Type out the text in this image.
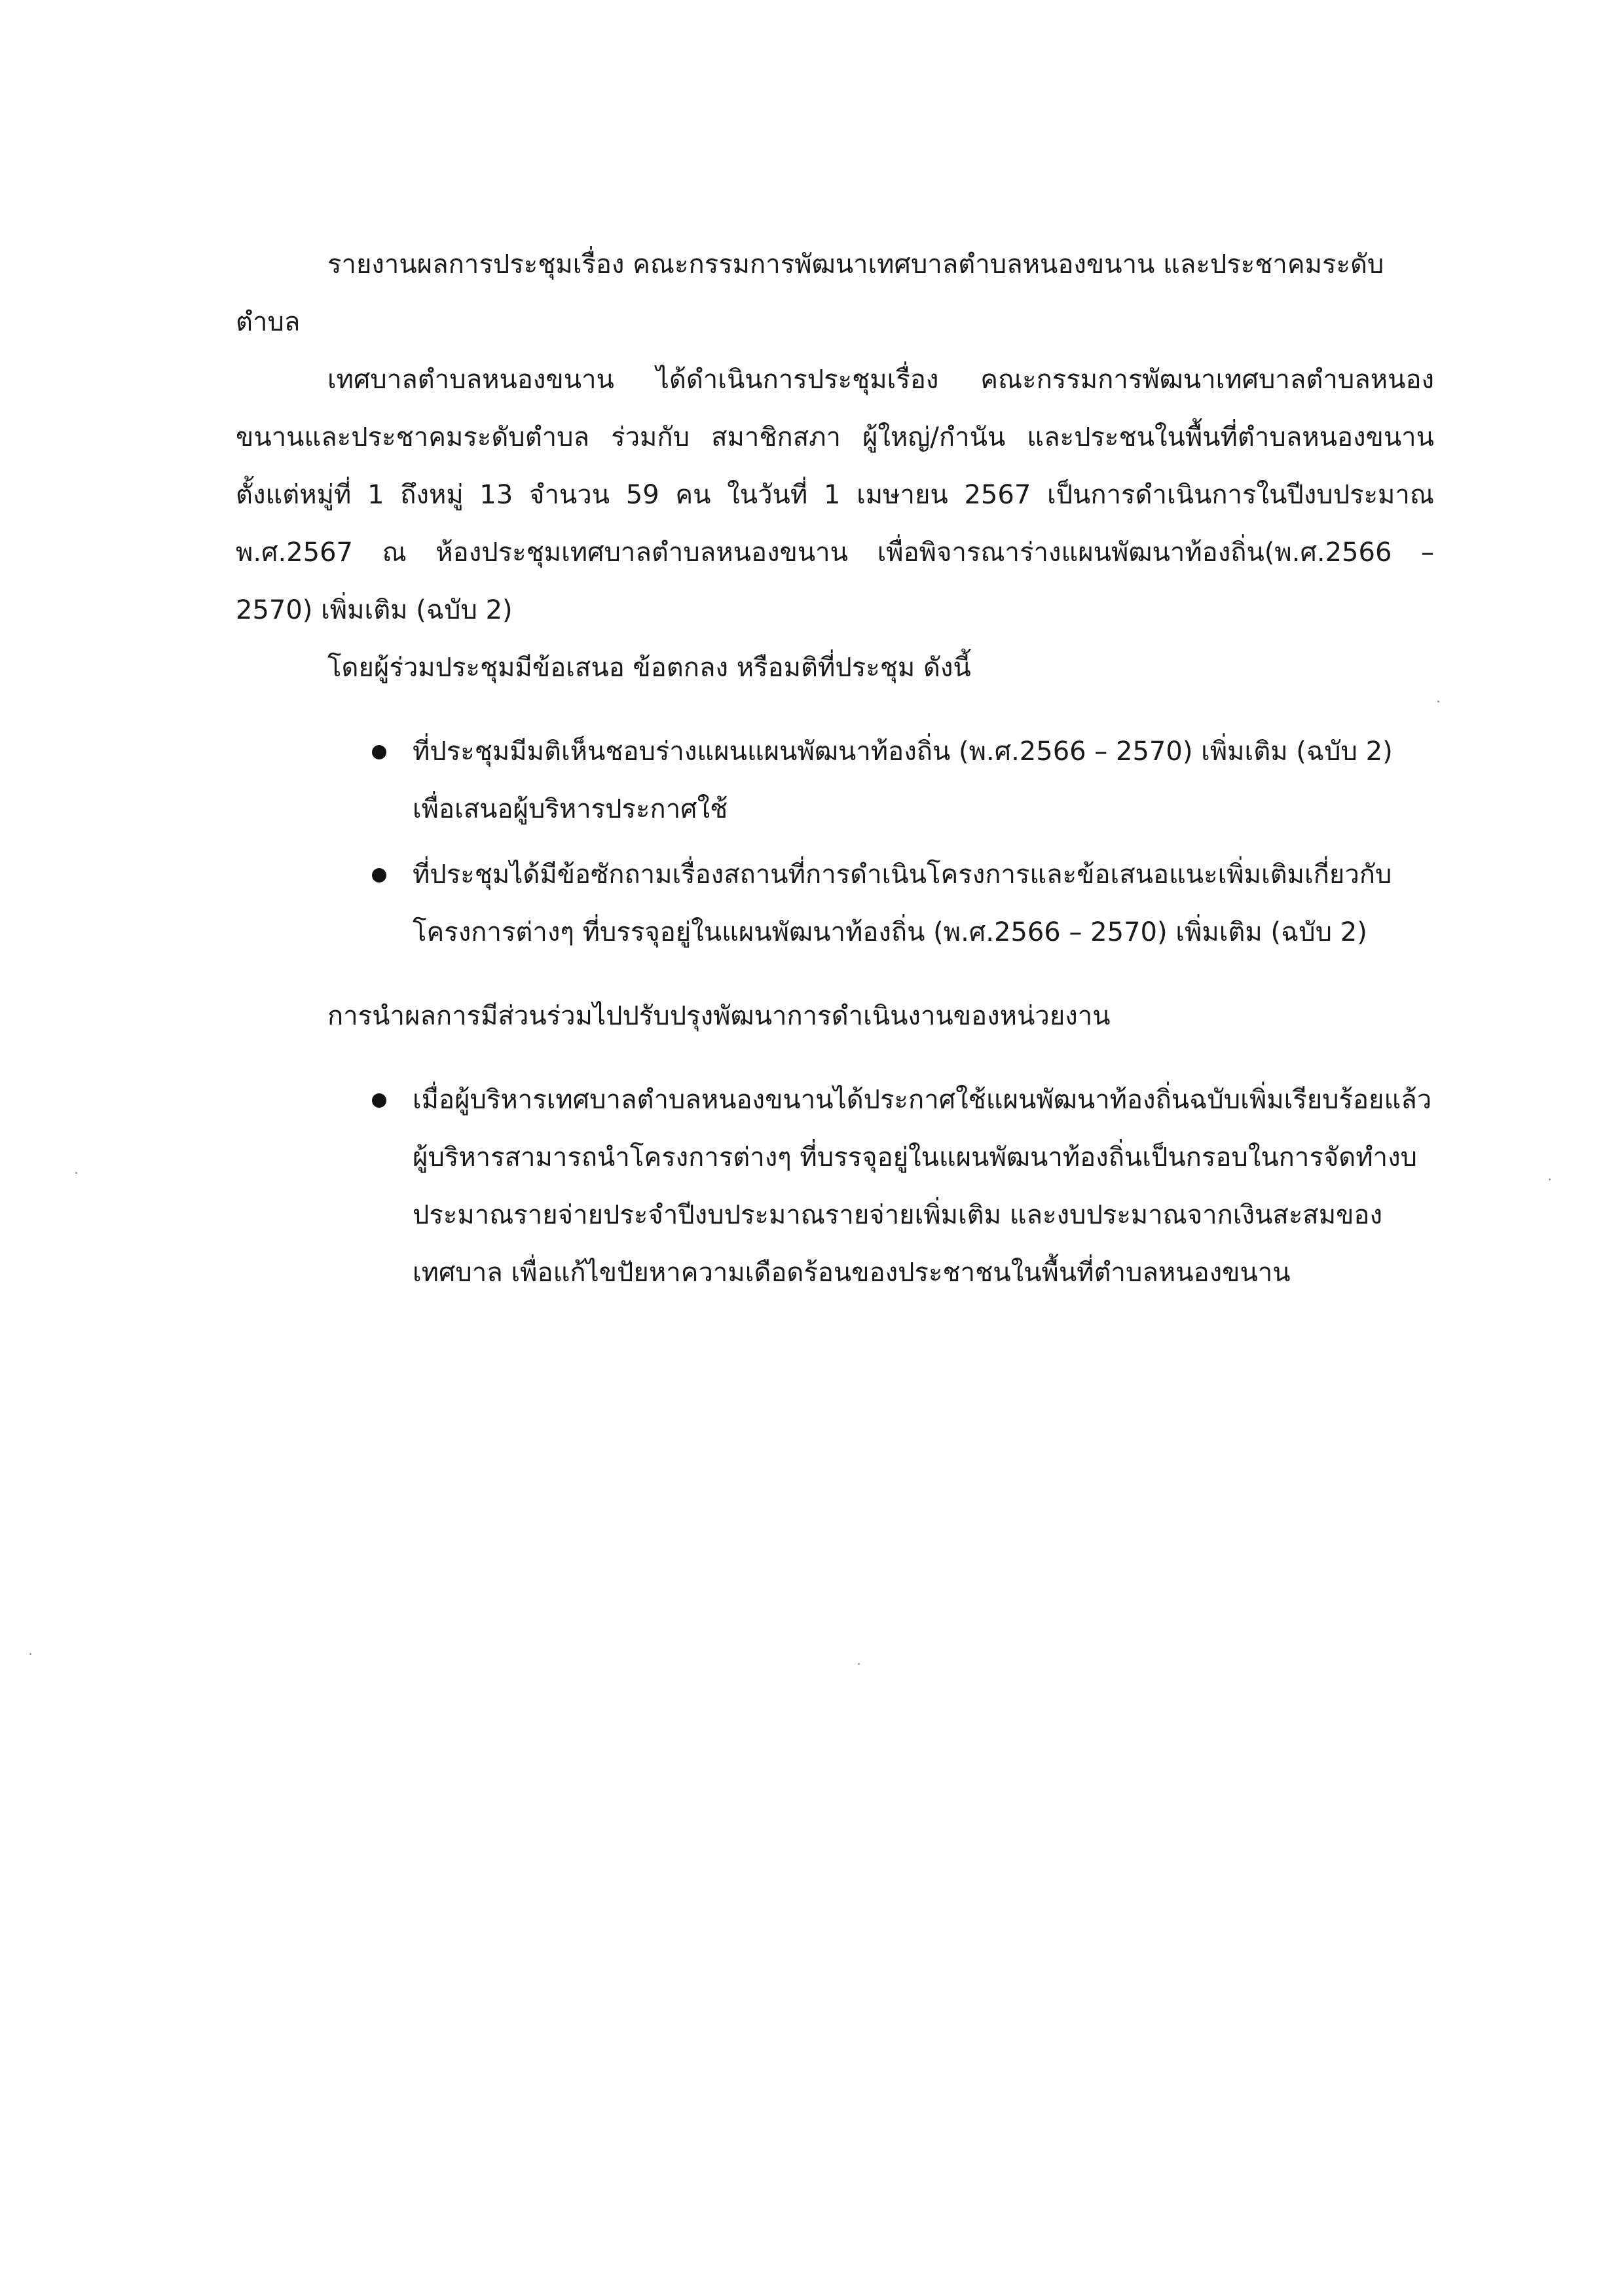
รายงานผลการประชุมเรื่อง คณะกรรมการพัฒนาเทศบาลตำบลหนองขนาน และประชาคมระดับตำบล

เทศบาลตำบลหนองขนาน ได้ดำเนินการประชุมเรื่อง คณะกรรมการพัฒนาเทศบาลตำบลหนองขนานและประชาคมระดับตำบล ร่วมกับ สมาชิกสภา ผู้ใหญ่/กำนัน และประชนในพื้นที่ตำบลหนองขนาน ตั้งแต่หมู่ที่ 1 ถึงหมู่ 13 จำนวน 59 คน ในวันที่ 1 เมษายน 2567 เป็นการดำเนินการในปีงบประมาณ พ.ศ.2567 ณ ห้องประชุมเทศบาลตำบลหนองขนาน เพื่อพิจารณาร่างแผนพัฒนาท้องถิ่น(พ.ศ.2566 – 2570) เพิ่มเติม (ฉบับ 2)

โดยผู้ร่วมประชุมมีข้อเสนอ ข้อตกลง หรือมติที่ประชุม ดังนี้

ที่ประชุมมีมติเห็นชอบร่างแผนแผนพัฒนาท้องถิ่น (พ.ศ.2566 – 2570) เพิ่มเติม (ฉบับ 2) เพื่อเสนอผู้บริหารประกาศใช้
ที่ประชุมได้มีข้อซักถามเรื่องสถานที่การดำเนินโครงการและข้อเสนอแนะเพิ่มเติมเกี่ยวกับโครงการต่างๆ ที่บรรจุอยู่ในแผนพัฒนาท้องถิ่น (พ.ศ.2566 – 2570) เพิ่มเติม (ฉบับ 2)

การนำผลการมีส่วนร่วมไปปรับปรุงพัฒนาการดำเนินงานของหน่วยงาน

เมื่อผู้บริหารเทศบาลตำบลหนองขนานได้ประกาศใช้แผนพัฒนาท้องถิ่นฉบับเพิ่มเรียบร้อยแล้ว ผู้บริหารสามารถนำโครงการต่างๆ ที่บรรจุอยู่ในแผนพัฒนาท้องถิ่นเป็นกรอบในการจัดทำงบประมาณรายจ่ายประจำปีงบประมาณรายจ่ายเพิ่มเติม และงบประมาณจากเงินสะสมของเทศบาล เพื่อแก้ไขปัยหาความเดือดร้อนของประชาชนในพื้นที่ตำบลหนองขนาน
